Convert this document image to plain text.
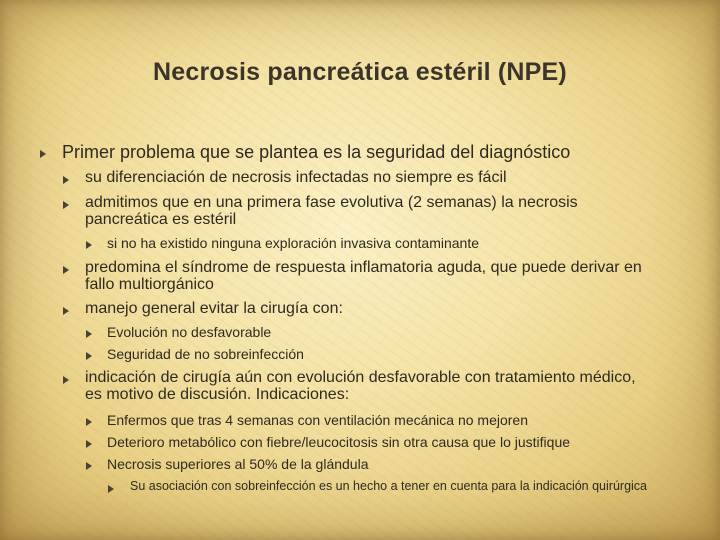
Necrosis pancreática estéril (NPE)
Primer problema que se plantea es la seguridad del diagnóstico
su diferenciación de necrosis infectadas no siempre es fácil
admitimos que en una primera fase evolutiva (2 semanas) la necrosis
pancreática es estéril
si no ha existido ninguna exploración invasiva contaminante
predomina el síndrome de respuesta inflamatoria aguda, que puede derivar en
fallo multiorgánico
manejo general evitar la cirugía con:
Evolución no desfavorable
Seguridad de no sobreinfección
indicación de cirugía aún con evolución desfavorable con tratamiento médico,
es motivo de discusión. Indicaciones:
Enfermos que tras 4 semanas con ventilación mecánica no mejoren
Deterioro metabólico con fiebre/leucocitosis sin otra causa que lo justifique
Necrosis superiores al 50% de la glándula
Su asociación con sobreinfección es un hecho a tener en cuenta para la indicación quirúrgica
